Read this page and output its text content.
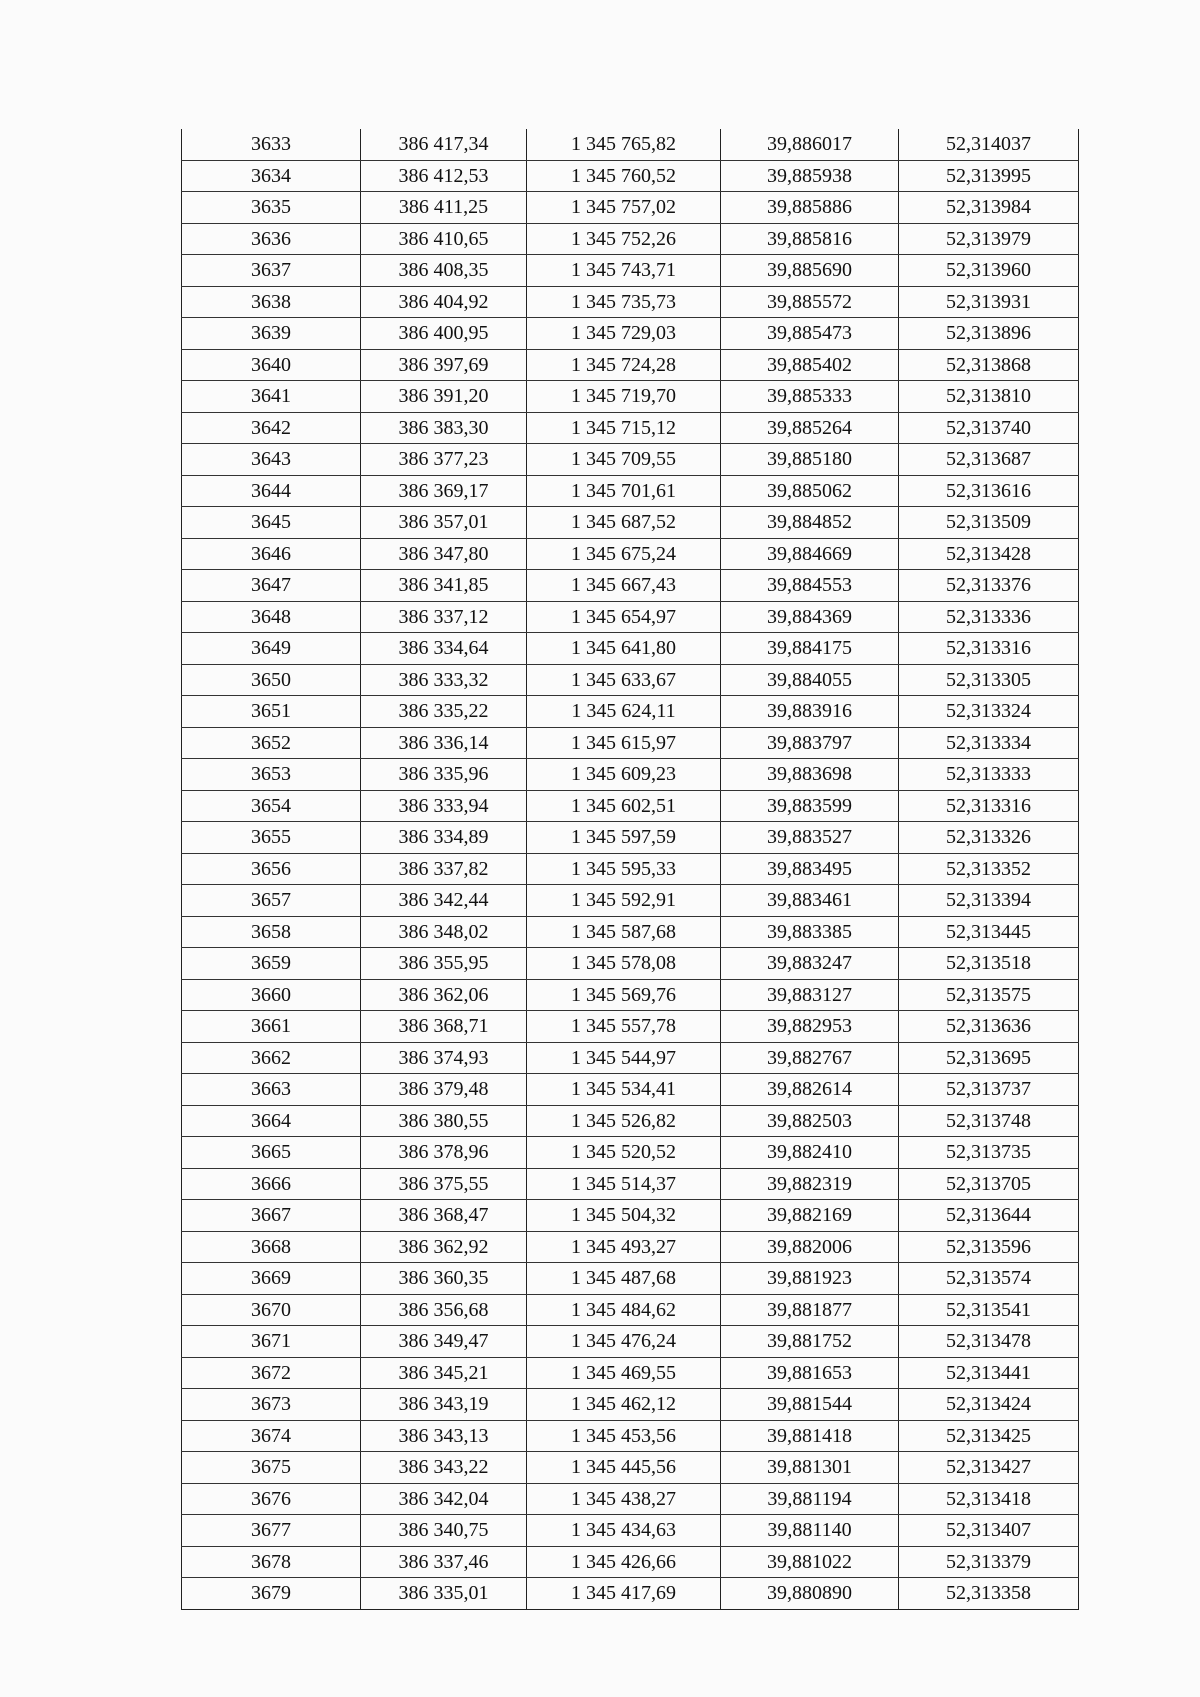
3633	386 417,34	1 345 765,82	39,886017	52,314037
3634	386 412,53	1 345 760,52	39,885938	52,313995
3635	386 411,25	1 345 757,02	39,885886	52,313984
3636	386 410,65	1 345 752,26	39,885816	52,313979
3637	386 408,35	1 345 743,71	39,885690	52,313960
3638	386 404,92	1 345 735,73	39,885572	52,313931
3639	386 400,95	1 345 729,03	39,885473	52,313896
3640	386 397,69	1 345 724,28	39,885402	52,313868
3641	386 391,20	1 345 719,70	39,885333	52,313810
3642	386 383,30	1 345 715,12	39,885264	52,313740
3643	386 377,23	1 345 709,55	39,885180	52,313687
3644	386 369,17	1 345 701,61	39,885062	52,313616
3645	386 357,01	1 345 687,52	39,884852	52,313509
3646	386 347,80	1 345 675,24	39,884669	52,313428
3647	386 341,85	1 345 667,43	39,884553	52,313376
3648	386 337,12	1 345 654,97	39,884369	52,313336
3649	386 334,64	1 345 641,80	39,884175	52,313316
3650	386 333,32	1 345 633,67	39,884055	52,313305
3651	386 335,22	1 345 624,11	39,883916	52,313324
3652	386 336,14	1 345 615,97	39,883797	52,313334
3653	386 335,96	1 345 609,23	39,883698	52,313333
3654	386 333,94	1 345 602,51	39,883599	52,313316
3655	386 334,89	1 345 597,59	39,883527	52,313326
3656	386 337,82	1 345 595,33	39,883495	52,313352
3657	386 342,44	1 345 592,91	39,883461	52,313394
3658	386 348,02	1 345 587,68	39,883385	52,313445
3659	386 355,95	1 345 578,08	39,883247	52,313518
3660	386 362,06	1 345 569,76	39,883127	52,313575
3661	386 368,71	1 345 557,78	39,882953	52,313636
3662	386 374,93	1 345 544,97	39,882767	52,313695
3663	386 379,48	1 345 534,41	39,882614	52,313737
3664	386 380,55	1 345 526,82	39,882503	52,313748
3665	386 378,96	1 345 520,52	39,882410	52,313735
3666	386 375,55	1 345 514,37	39,882319	52,313705
3667	386 368,47	1 345 504,32	39,882169	52,313644
3668	386 362,92	1 345 493,27	39,882006	52,313596
3669	386 360,35	1 345 487,68	39,881923	52,313574
3670	386 356,68	1 345 484,62	39,881877	52,313541
3671	386 349,47	1 345 476,24	39,881752	52,313478
3672	386 345,21	1 345 469,55	39,881653	52,313441
3673	386 343,19	1 345 462,12	39,881544	52,313424
3674	386 343,13	1 345 453,56	39,881418	52,313425
3675	386 343,22	1 345 445,56	39,881301	52,313427
3676	386 342,04	1 345 438,27	39,881194	52,313418
3677	386 340,75	1 345 434,63	39,881140	52,313407
3678	386 337,46	1 345 426,66	39,881022	52,313379
3679	386 335,01	1 345 417,69	39,880890	52,313358
